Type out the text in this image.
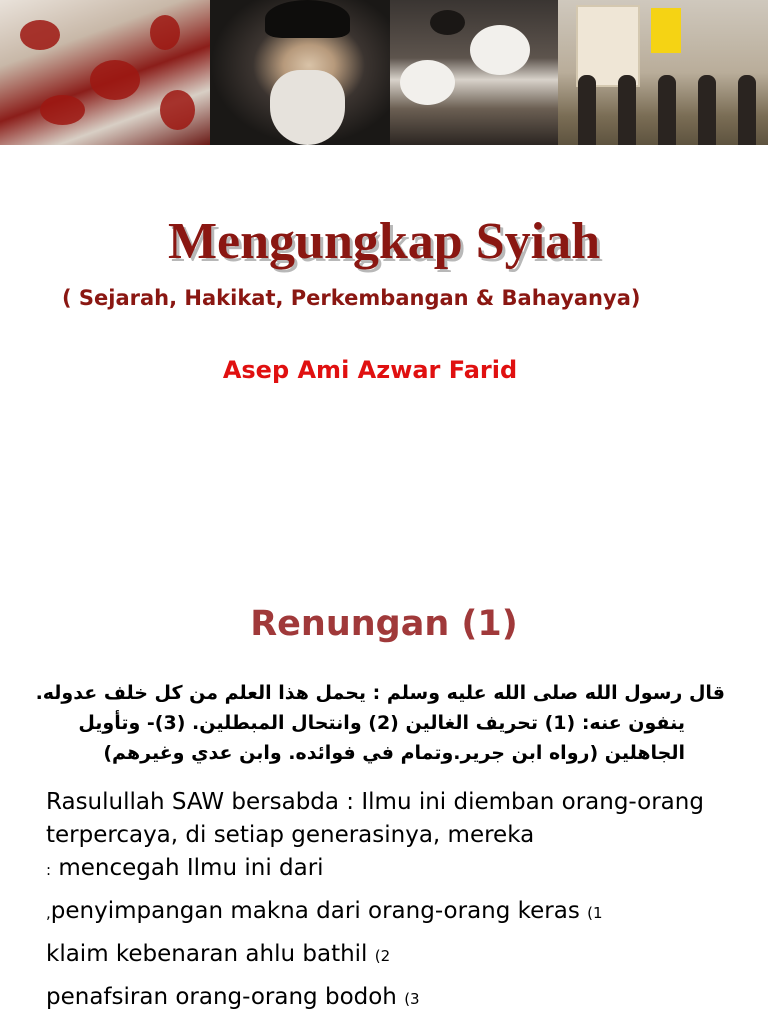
Mengungkap Syiah

( Sejarah, Hakikat, Perkembangan & Bahayanya)

Asep Ami Azwar Farid

Renungan (1)
قال رسول الله صلى الله عليه وسلم : يحمل هذا العلم من كل خلف عدوله.
ينفون عنه: (1) تحريف الغالين (2) وانتحال المبطلين. (3)- وتأويل
الجاهلين (رواه ابن جرير.وتمام في فوائده. وابن عدي وغيرهم)

Rasulullah SAW bersabda : Ilmu ini diemban orang-orang terpercaya, di setiap generasinya, mereka
: mencegah Ilmu ini dari

,penyimpangan makna dari orang-orang keras (1

klaim kebenaran ahlu bathil (2

penafsiran orang-orang bodoh (3
